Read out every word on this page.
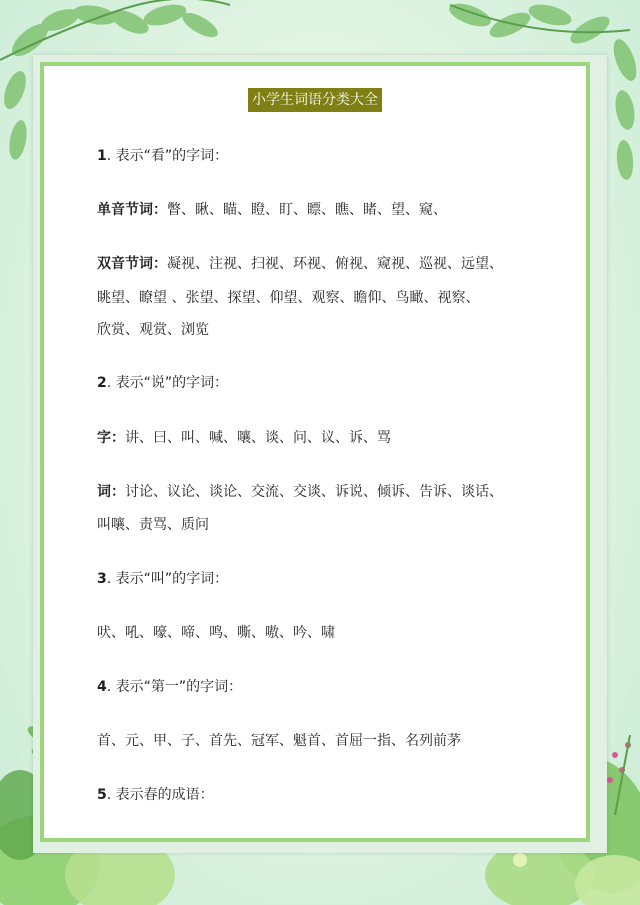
小学生词语分类大全
1. 表示“看”的字词：
单音节词：瞥、瞅、瞄、瞪、盯、瞟、瞧、睹、望、窥、
双音节词：凝视、注视、扫视、环视、俯视、窥视、巡视、远望、
眺望、瞭望 、张望、探望、仰望、观察、瞻仰、鸟瞰、视察、
欣赏、观赏、浏览
2. 表示“说”的字词：
字：讲、曰、叫、喊、嚷、谈、问、议、诉、骂
词：讨论、议论、谈论、交流、交谈、诉说、倾诉、告诉、谈话、
叫嚷、责骂、质问
3. 表示“叫”的字词：
吠、吼、嚎、啼、鸣、嘶、嗷、吟、啸
4. 表示“第一”的字词：
首、元、甲、子、首先、冠军、魁首、首屈一指、名列前茅
5. 表示春的成语：
